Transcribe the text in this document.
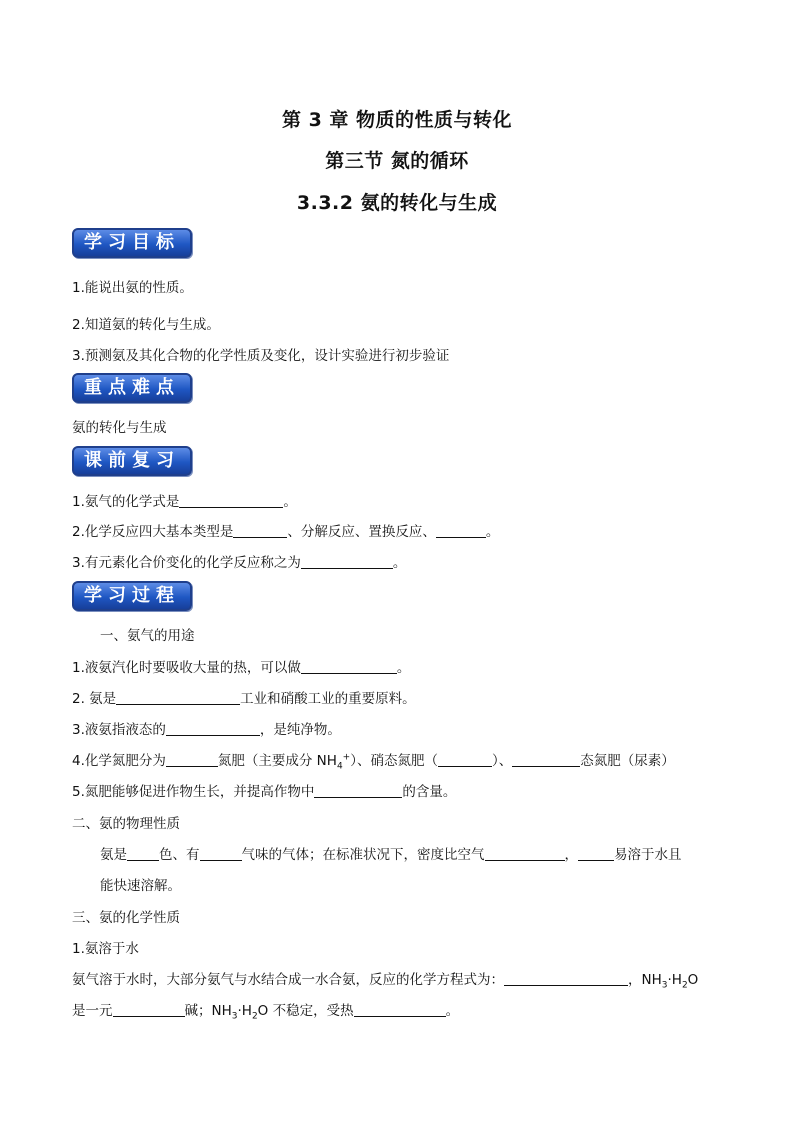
第 3 章 物质的性质与转化
第三节 氮的循环
3.3.2 氨的转化与生成
学习目标
1.能说出氨的性质。
2.知道氨的转化与生成。
3.预测氨及其化合物的化学性质及变化，设计实验进行初步验证
重点难点
氨的转化与生成
课前复习
1.氨气的化学式是	。
2.化学反应四大基本类型是	、分解反应、置换反应、	。
3.有元素化合价变化的化学反应称之为	。
学习过程
一、氨气的用途
1.液氨汽化时要吸收大量的热，可以做	。
2. 氨是	工业和硝酸工业的重要原料。
3.液氨指液态的	，是纯净物。
4.化学氮肥分为	氮肥（主要成分 $NH_4^+$）、硝态氮肥（	）、	态氮肥（尿素）
5.氮肥能够促进作物生长，并提高作物中	的含量。
二、氨的物理性质
氨是 色、有	气味的气体；在标准状况下，密度比空气	，	易溶于水且
能快速溶解。
三、氨的化学性质
1.氨溶于水
氨气溶于水时，大部分氨气与水结合成一水合氨，反应的化学方程式为：	，$NH_3\cdot H_2O$
是一元	碱；$NH_3\cdot H_2O$ 不稳定，受热	。
